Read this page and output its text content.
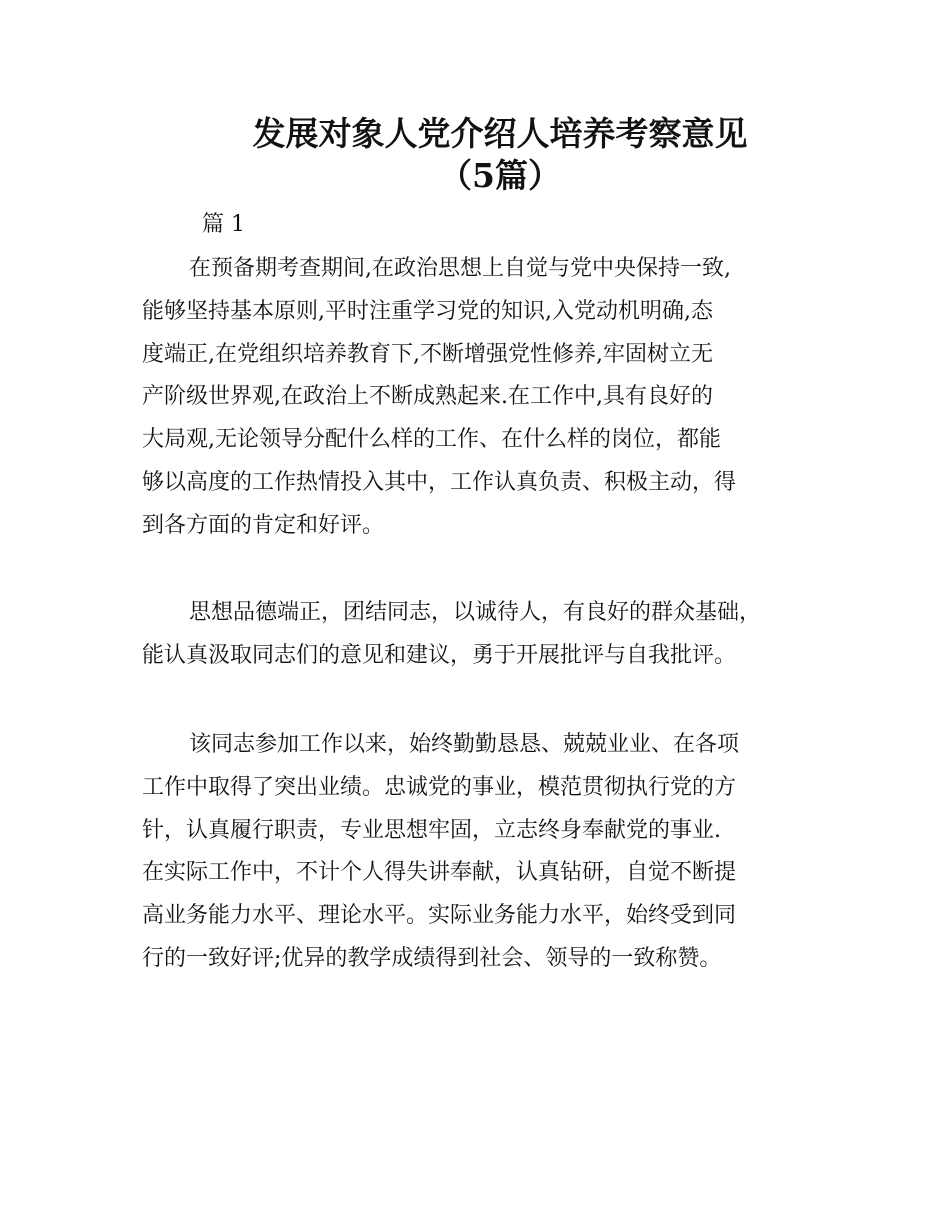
发展对象人党介绍人培养考察意见
（5篇）

篇 1

在预备期考查期间,在政治思想上自觉与党中央保持一致,
能够坚持基本原则,平时注重学习党的知识,入党动机明确,态
度端正,在党组织培养教育下,不断增强党性修养,牢固树立无
产阶级世界观,在政治上不断成熟起来.在工作中,具有良好的
大局观,无论领导分配什么样的工作、在什么样的岗位，都能
够以高度的工作热情投入其中，工作认真负责、积极主动，得
到各方面的肯定和好评。
思想品德端正，团结同志，以诚待人，有良好的群众基础，
能认真汲取同志们的意见和建议，勇于开展批评与自我批评。
该同志参加工作以来，始终勤勤恳恳、兢兢业业、在各项
工作中取得了突出业绩。忠诚党的事业，模范贯彻执行党的方
针，认真履行职责，专业思想牢固，立志终身奉献党的事业.
在实际工作中，不计个人得失讲奉献，认真钻研，自觉不断提
高业务能力水平、理论水平。实际业务能力水平，始终受到同
行的一致好评;优异的教学成绩得到社会、领导的一致称赞。
